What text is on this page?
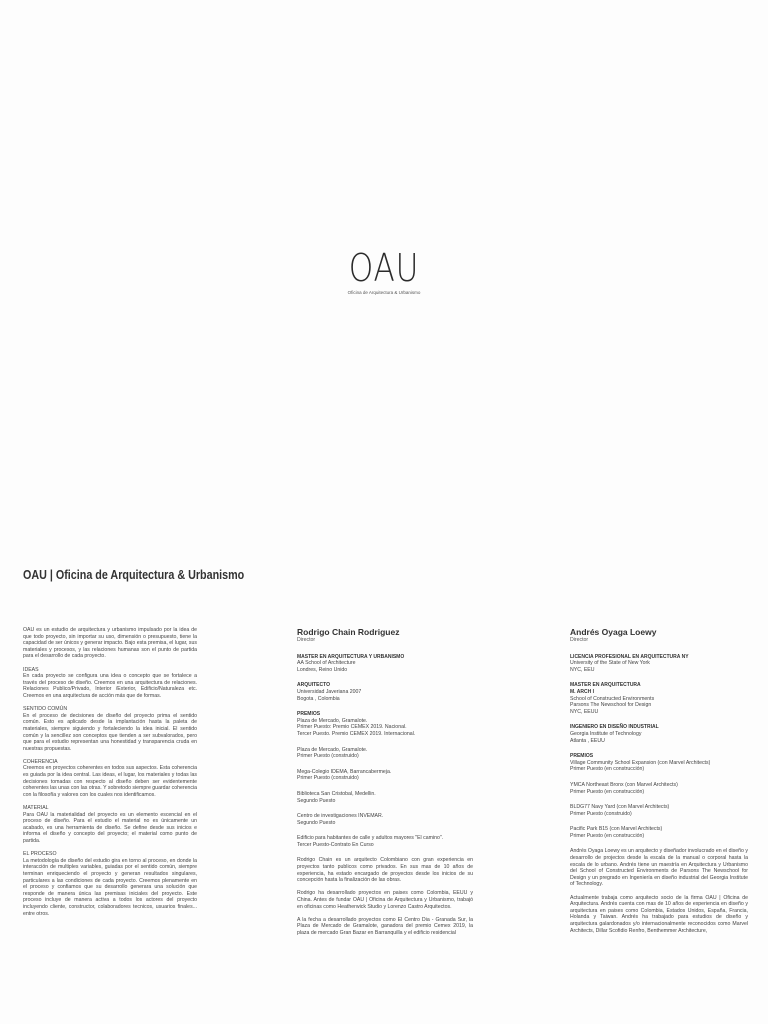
OAU
Oficina de Arquitectura & Urbanismo
OAU | Oficina de Arquitectura & Urbanismo

OAU es un estudio de arquitectura y urbanismo impulsado por la idea de que todo proyecto, sin importar su uso, dimensión o presupuesto, tiene la capacidad de ser únicos y generar impacto. Bajo esta premisa, el lugar, sus materiales y procesos, y las relaciones humanas son el punto de partida para el desarrollo de cada proyecto.

IDEAS
En cada proyecto se configura una idea o concepto que se fortalece a través del proceso de diseño. Creemos en una arquitectura de relaciones. Relaciones Publico/Privado, Interior /Exterior, Edificio/Naturaleza etc. Creemos en una arquitectura de acción más que de formas.

SENTIDO COMÚN
En el proceso de decisiones de diseño del proyecto prima el sentido común. Esto es aplicado desde la implantación hasta la paleta de materiales, siempre siguiendo y fortaleciendo la idea inicial. El sentido común y la sencillez son conceptos que tienden a ser subvalorados, pero que para el estudio representan una honestidad y transparencia cruda en nuestras propuestas.

COHERENCIA
Creemos en proyectos coherentes en todos sus aspectos. Esta coherencia es guiada por la idea central. Las ideas, el lugar, los materiales y todas las decisiones tomadas con respecto al diseño deben ser evidentemente coherentes las unas con las otras. Y sobretodo siempre guardar coherencia con la filosofía y valores con los cuales nos identificamos.

MATERIAL
Para OAU la materialidad del proyecto es un elemento escencial en el proceso de diseño. Para el estudio el material no es únicamente un acabado, es una herramienta de diseño. Se define desde sus inicios e informa el diseño y concepto del proyecto; el material como punto de partida.

EL PROCESO
La metodología de diseño del estudio gira en torno al proceso, en donde la interacción de multiples variables, guiadas por el sentido común, siempre terminan enriqueciendo el proyecto y generan resultados singulares, particulares a las condiciones de cada proyecto. Creemos plenamente en el proceso y confiamos que su desarrollo generara una solución que responde de manera única las premisas iniciales del proyecto. Este proceso incluye de manera activa a todos los actores del proyecto incluyendo cliente, constructor, colaboradores tecnicos, usuarios finales... entre otros.

Rodrigo Chain Rodriguez
Director
MASTER EN ARQUITECTURA Y URBANISMO
AA School of Architecture
Londres, Reino Unido
ARQUITECTO
Universidad Javeriana 2007
Bogota , Colombia
PREMIOS
Plaza de Mercado, Gramalote.
Primer Puesto: Premio CEMEX 2019. Nacional.
Tercer Puesto. Premio CEMEX 2019. Internacional.
Plaza de Mercado, Gramalote.
Primer Puesto (construido)
Mega-Colegio IDEMA, Barrancabermeja.
Primer Puesto (construido)
Biblioteca San Cristobal, Medellin.
Segundo Puesto
Centro de investigaciones INVEMAR.
Segundo Puesto
Edificio para habitantes de calle y adultos mayores "El camino".
Tercer Puesto-Contrato En Curso

Rodrigo Chain es un arquitecto Colombiano con gran experiencia en proyectos tanto publicos como privados. En sus mas de 10 años de experiencia, ha estado encargado de proyectos desde los inicios de su concepción hasta la finalización de las obras.

Rodrigo ha desarrollado proyectos en paises como Colombia, EEUU y China. Antes de fundar OAU | Oficina de Arquitectura y Urbanismo, trabajó en oficinas como Heatherwick Studio y Lorenzo Castro Arquitectos.

A la fecha a desarrollado proyectos como El Centro Dia - Granada Sur, la Plaza de Mercado de Gramalote, ganadora del premio Cemex 2019, la plaza de mercado Gran Bazar en Barranquilla y el edificio residencial

Andrés Oyaga Loewy
Director
LICENCIA PROFESIONAL EN ARQUITECTURA NY
University of the State of New York
NYC, EEU
MASTER EN ARQUITECTURA
M. ARCH I
School of Constructed Environments
Parsons The Newschool for Design
NYC, EEUU
INGENIERO EN DISEÑO INDUSTRIAL
Georgia Institute of Technology
Atlanta , EEUU
PREMIOS
Village Community School Expansion (con Marvel Architects)
Primer Puesto (en construcción)
YMCA Northeast Bronx (con Marvel Architects)
Primer Puesto (en construcción)
BLDG77 Navy Yard (con Marvel Architects)
Primer Puesto (construido)
Pacific Park B15 (con Marvel Architects)
Primer Puesto (en construcción)

Andrés Oyaga Loewy es un arquitecto y diseñador involucrado en el diseño y desarrollo de projectos desde la escala de la manual o corporal hasta la escala de lo urbano. Andrés tiene un maestría en Arquitectura y Urbanismo del School of Constructed Environments de Parsons The Newschool for Design y un pregrado en Ingeniería en diseño industrial del Georgia Institute of Technology.

Actualmente trabaja como arquitecto socio de la firma OAU | Oficina de Arquitectura. Andrés cuenta con mas de 10 años de experiencia en diseño y arquitectura en paises como Colombia, Estados Unidos, España, Francia, Holanda y Taiwan. Andrés ha trabajado para estudios de diseño y arquitectura galardonados y/o internacionalmente reconocidos como Marvel Architects, Dillar Scofidio Renfro, Benthemmer Architecture,
